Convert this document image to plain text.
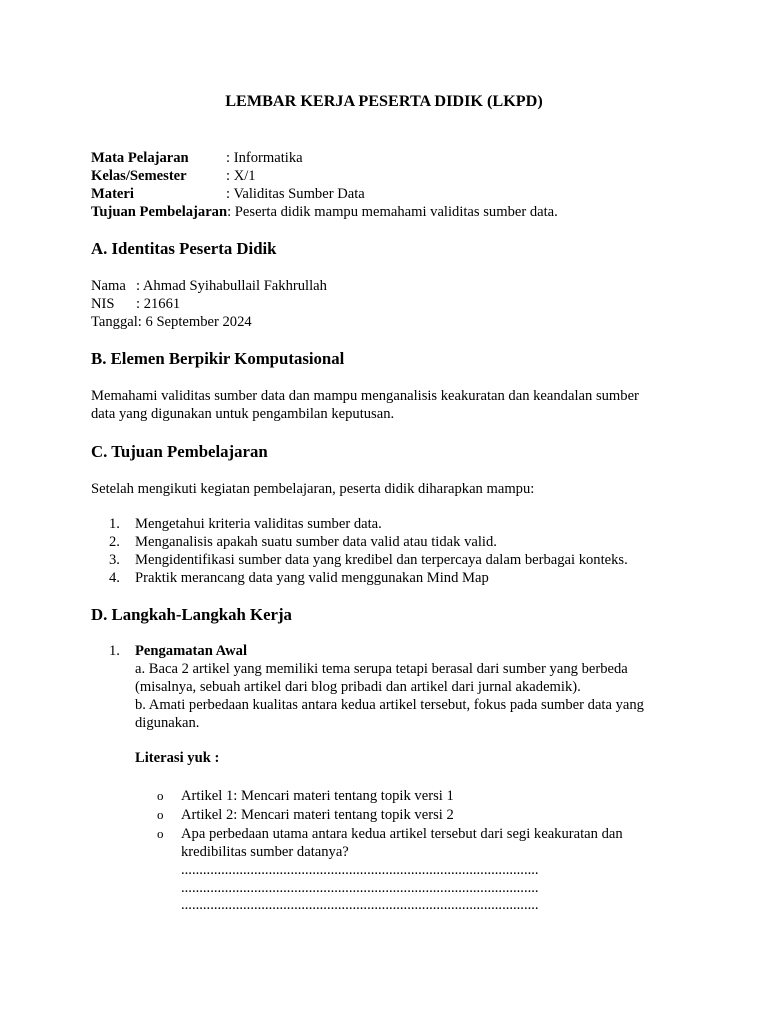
LEMBAR KERJA PESERTA DIDIK (LKPD)
Mata Pelajaran	: Informatika
Kelas/Semester	: X/1
Materi	: Validitas Sumber Data
Tujuan Pembelajaran: Peserta didik mampu memahami validitas sumber data.
A. Identitas Peserta Didik
Nama : Ahmad Syihabullail Fakhrullah
NIS : 21661
Tanggal: 6 September 2024
B. Elemen Berpikir Komputasional
Memahami validitas sumber data dan mampu menganalisis keakuratan dan keandalan sumber
data yang digunakan untuk pengambilan keputusan.
C. Tujuan Pembelajaran
Setelah mengikuti kegiatan pembelajaran, peserta didik diharapkan mampu:
1. Mengetahui kriteria validitas sumber data.
2. Menganalisis apakah suatu sumber data valid atau tidak valid.
3. Mengidentifikasi sumber data yang kredibel dan terpercaya dalam berbagai konteks.
4. Praktik merancang data yang valid menggunakan Mind Map
D. Langkah-Langkah Kerja
1. Pengamatan Awal
a. Baca 2 artikel yang memiliki tema serupa tetapi berasal dari sumber yang berbeda
(misalnya, sebuah artikel dari blog pribadi dan artikel dari jurnal akademik).
b. Amati perbedaan kualitas antara kedua artikel tersebut, fokus pada sumber data yang
digunakan.
Literasi yuk :
o Artikel 1: Mencari materi tentang topik versi 1
o Artikel 2: Mencari materi tentang topik versi 2
o Apa perbedaan utama antara kedua artikel tersebut dari segi keakuratan dan
kredibilitas sumber datanya?
..................................................................................................
..................................................................................................
..................................................................................................
